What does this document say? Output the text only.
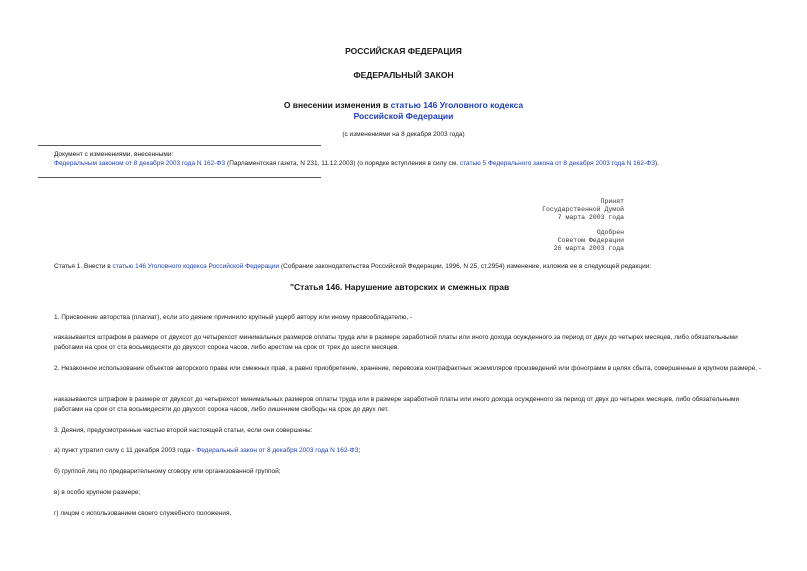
РОССИЙСКАЯ ФЕДЕРАЦИЯ
ФЕДЕРАЛЬНЫЙ ЗАКОН
О внесении изменения в статью 146 Уголовного кодекса
Российской Федерации
(с изменениями на 8 декабря 2003 года)
Документ с изменениями, внесенными:
Федеральным законом от 8 декабря 2003 года N 162-ФЗ (Парламентская газета, N 231, 11.12.2003) (о порядке вступления в силу см. статью 5 Федерального закона от 8 декабря 2003 года N 162-ФЗ).
Принят
Государственной Думой
7 марта 2003 года
Одобрен
Советом Федерации
26 марта 2003 года
Статья 1. Внести в статью 146 Уголовного кодекса Российской Федерации (Собрание законодательства Российской Федерации, 1996, N 25, ст.2954) изменение, изложив ее в следующей редакции:
"Статья 146. Нарушение авторских и смежных прав
1. Присвоение авторства (плагиат), если это деяние причинило крупный ущерб автору или иному правообладателю, -
наказывается штрафом в размере от двухсот до четырехсот минимальных размеров оплаты труда или в размере заработной платы или иного дохода осужденного за период от двух до четырех месяцев, либо обязательными работами на срок от ста восьмидесяти до двухсот сорока часов, либо арестом на срок от трех до шести месяцев.
2. Незаконное использование объектов авторского права или смежных прав, а равно приобретение, хранение, перевозка контрафактных экземпляров произведений или фонограмм в целях сбыта, совершенные в крупном размере, -
наказываются штрафом в размере от двухсот до четырехсот минимальных размеров оплаты труда или в размере заработной платы или иного дохода осужденного за период от двух до четырех месяцев, либо обязательными работами на срок от ста восьмидесяти до двухсот сорока часов, либо лишением свободы на срок до двух лет.
3. Деяния, предусмотренные частью второй настоящей статьи, если они совершены:
а) пункт утратил силу с 11 декабря 2003 года - Федеральный закон от 8 декабря 2003 года N 162-ФЗ;
б) группой лиц по предварительному сговору или организованной группой;
в) в особо крупном размере;
г) лицом с использованием своего служебного положения,
